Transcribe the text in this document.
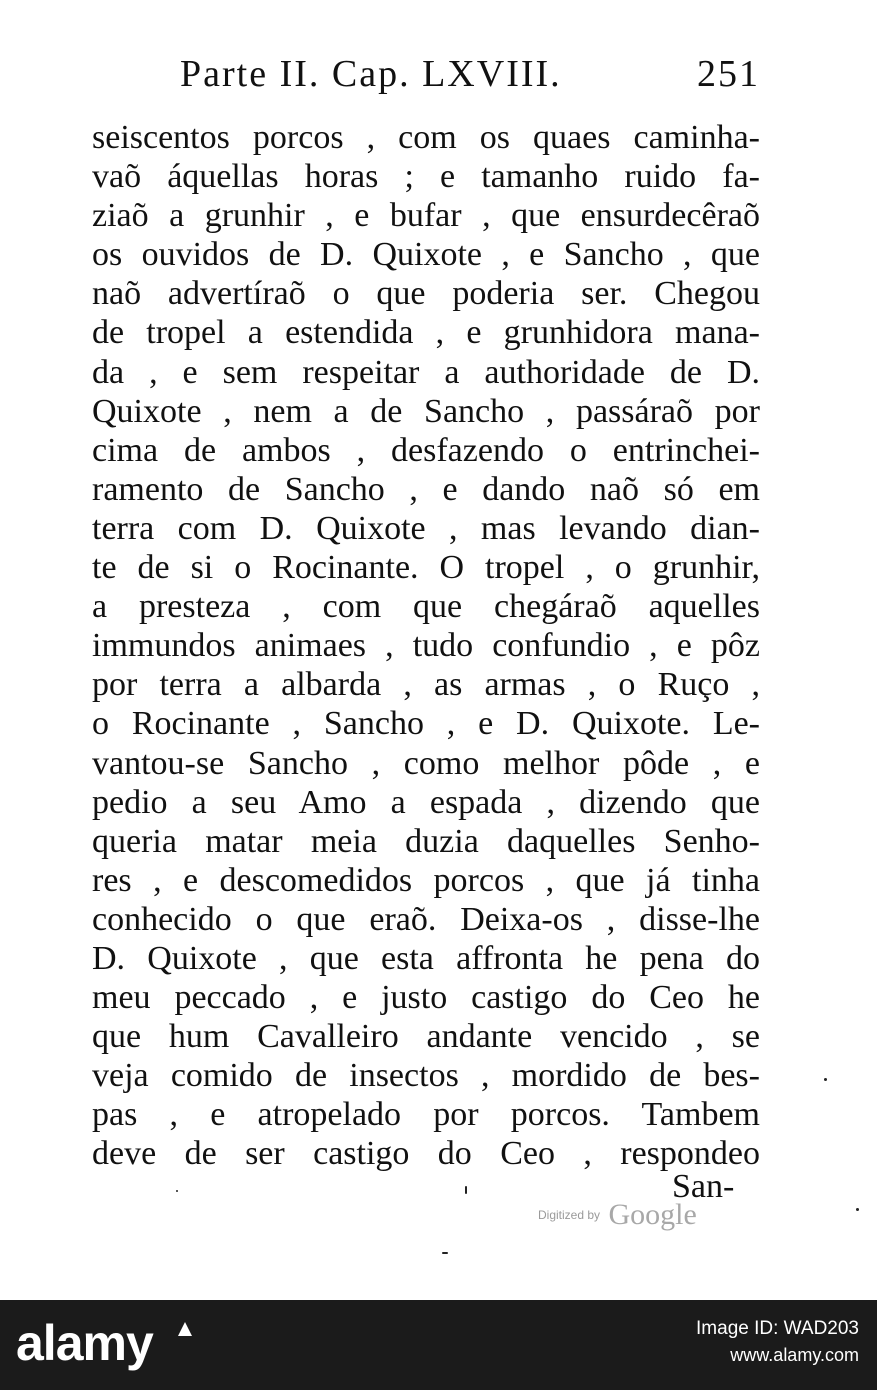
Parte II. Cap. LXVIII.	251
seiscentos porcos , com os quaes caminha-
vaõ áquellas horas ; e tamanho ruido fa-
ziaõ a grunhir , e bufar , que ensurdecêraõ
os ouvidos de D. Quixote , e Sancho , que
naõ advertíraõ o que poderia ser. Chegou
de tropel a estendida , e grunhidora mana-
da , e sem respeitar a authoridade de D.
Quixote , nem a de Sancho , passáraõ por
cima de ambos , desfazendo o entrinchei-
ramento de Sancho , e dando naõ só em
terra com D. Quixote , mas levando dian-
te de si o Rocinante. O tropel , o grunhir,
a presteza , com que chegáraõ aquelles
immundos animaes , tudo confundio , e pôz
por terra a albarda , as armas , o Ruço ,
o Rocinante , Sancho , e D. Quixote. Le-
vantou-se Sancho , como melhor pôde , e
pedio a seu Amo a espada , dizendo que
queria matar meia duzia daquelles Senho-
res , e descomedidos porcos , que já tinha
conhecido o que eraõ. Deixa-os , disse-lhe
D. Quixote , que esta affronta he pena do
meu peccado , e justo castigo do Ceo he
que hum Cavalleiro andante vencido , se
veja comido de insectos , mordido de bes-
pas , e atropelado por porcos. Tambem
deve de ser castigo do Ceo , respondeo
San-
Digitized by Google
alamy	Image ID: WAD203
www.alamy.com
